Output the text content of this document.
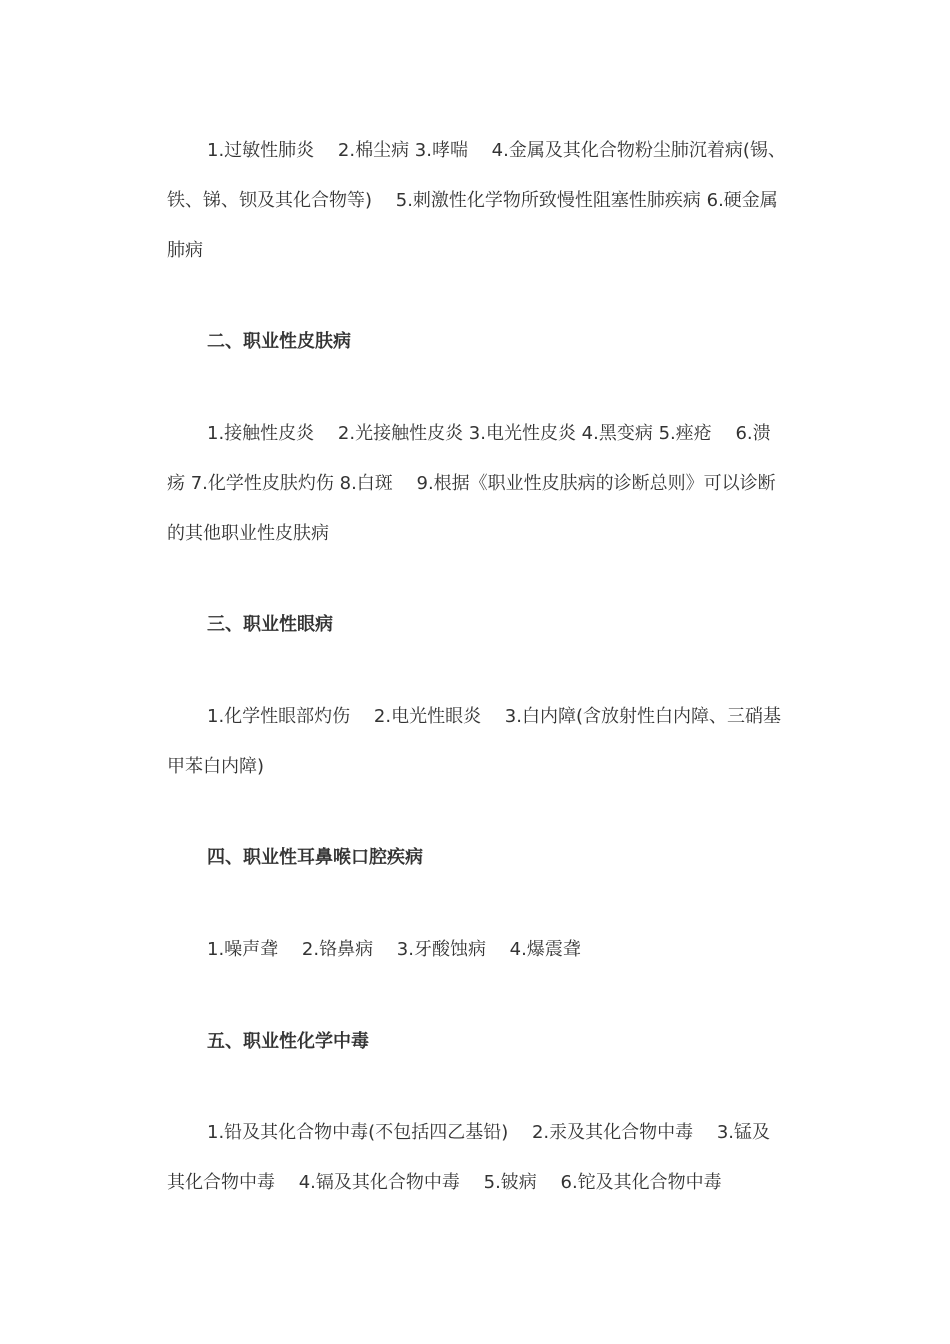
1.过敏性肺炎　 2.棉尘病 3.哮喘　 4.金属及其化合物粉尘肺沉着病(锡、铁、锑、钡及其化合物等)　 5.刺激性化学物所致慢性阻塞性肺疾病 6.硬金属肺病

二、职业性皮肤病

1.接触性皮炎　 2.光接触性皮炎 3.电光性皮炎 4.黑变病 5.痤疮　 6.溃疡 7.化学性皮肤灼伤 8.白斑　 9.根据《职业性皮肤病的诊断总则》可以诊断的其他职业性皮肤病

三、职业性眼病

1.化学性眼部灼伤　 2.电光性眼炎　 3.白内障(含放射性白内障、三硝基甲苯白内障)

四、职业性耳鼻喉口腔疾病

1.噪声聋　 2.铬鼻病　 3.牙酸蚀病　 4.爆震聋

五、职业性化学中毒

1.铅及其化合物中毒(不包括四乙基铅)　 2.汞及其化合物中毒　 3.锰及其化合物中毒　 4.镉及其化合物中毒　 5.铍病　 6.铊及其化合物中毒
